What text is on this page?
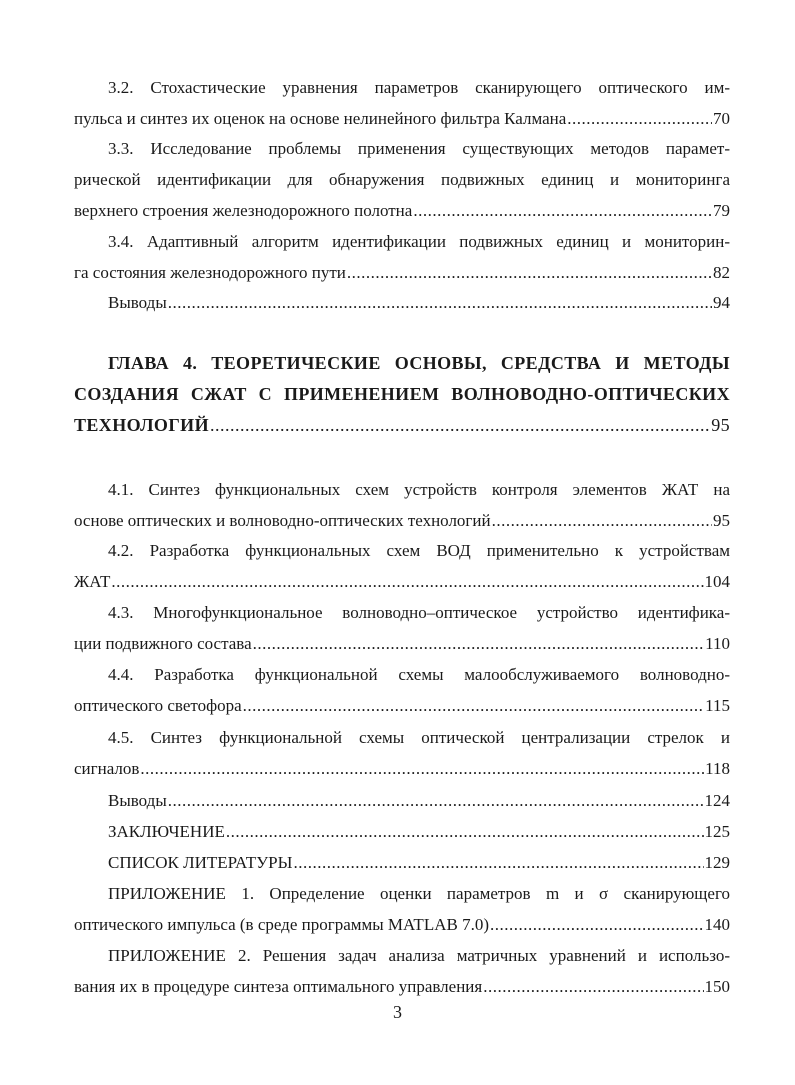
3.2. Стохастические уравнения параметров сканирующего оптического им-
пульса и синтез их оценок на основе нелинейного фильтра Калмана .....	70
3.3. Исследование проблемы применения существующих методов парамет-
рической идентификации для обнаружения подвижных единиц и мониторинга
верхнего строения железнодорожного полотна .....	79
3.4. Адаптивный алгоритм идентификации подвижных единиц и мониторин-
га состояния железнодорожного пути .....	82
Выводы .....	94
ГЛАВА 4. ТЕОРЕТИЧЕСКИЕ ОСНОВЫ, СРЕДСТВА И МЕТОДЫ
СОЗДАНИЯ СЖАТ С ПРИМЕНЕНИЕМ ВОЛНОВОДНО-ОПТИЧЕСКИХ
ТЕХНОЛОГИЙ .....	95
4.1. Синтез функциональных схем устройств контроля элементов ЖАТ на
основе оптических и волноводно-оптических технологий .....	95
4.2. Разработка функциональных схем ВОД применительно к устройствам
ЖАТ .....	104
4.3. Многофункциональное волноводно–оптическое устройство идентифика-
ции подвижного состава .....	110
4.4. Разработка функциональной схемы малообслуживаемого волноводно-
оптического светофора .....	115
4.5. Синтез функциональной схемы оптической централизации стрелок и
сигналов .....	118
Выводы .....	124
ЗАКЛЮЧЕНИЕ .....	125
СПИСОК ЛИТЕРАТУРЫ .....	129
ПРИЛОЖЕНИЕ 1. Определение оценки параметров m и σ сканирующего
оптического импульса (в среде программы MATLAB 7.0) .....	140
ПРИЛОЖЕНИЕ 2. Решения задач анализа матричных уравнений и использо-
вания их в процедуре синтеза оптимального управления .....	150
3
